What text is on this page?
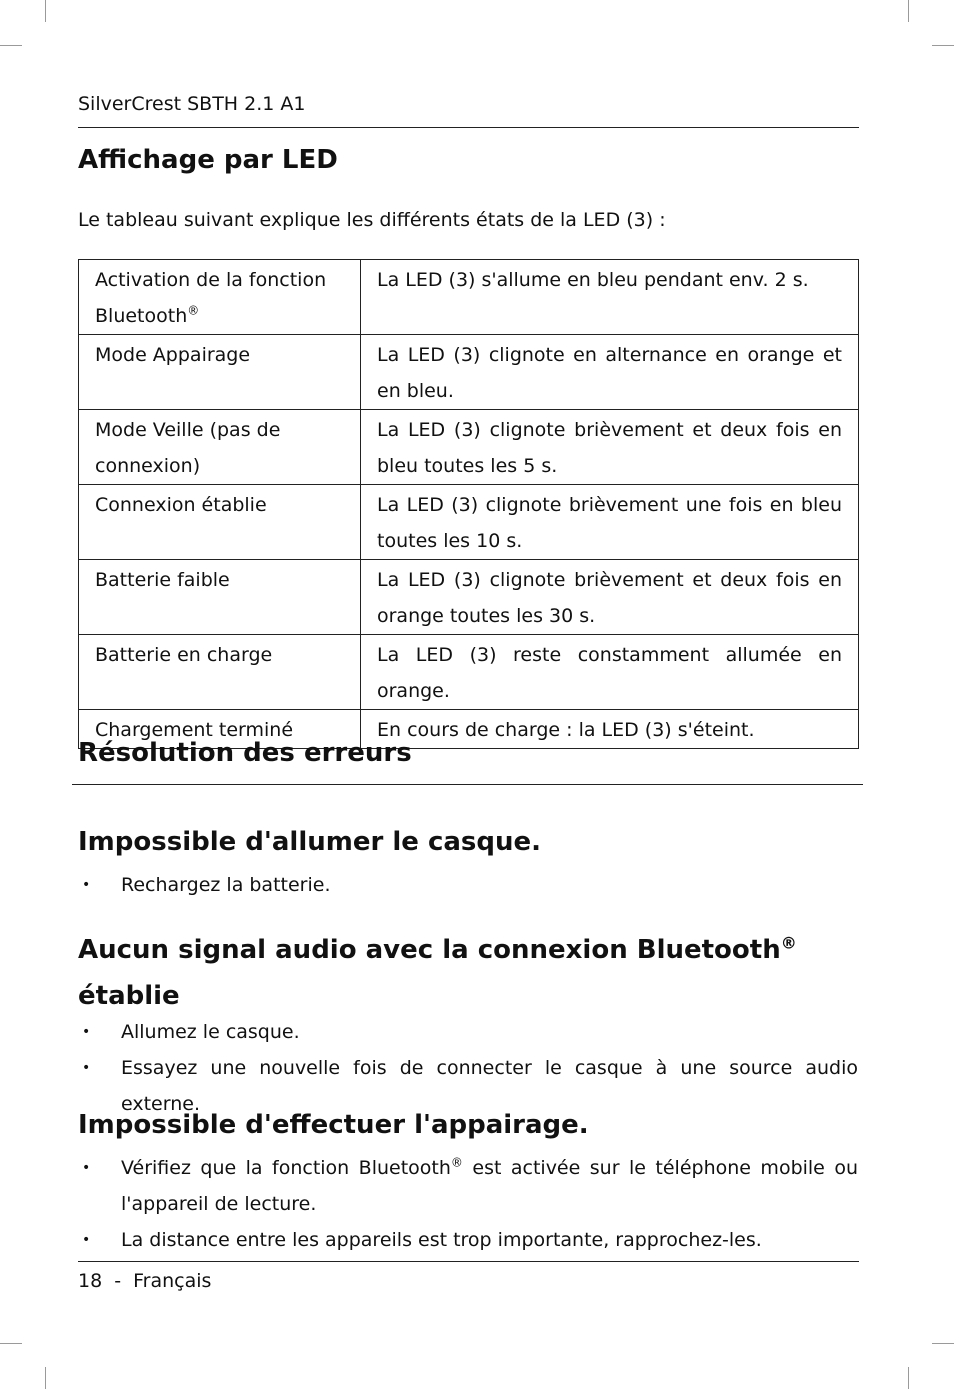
SilverCrest SBTH 2.1 A1
Affichage par LED
Le tableau suivant explique les différents états de la LED (3) :
Activation de la fonction Bluetooth®	La LED (3) s'allume en bleu pendant env. 2 s.
Mode Appairage	La LED (3) clignote en alternance en orange et en bleu.
Mode Veille (pas de connexion)	La LED (3) clignote brièvement et deux fois en bleu toutes les 5 s.
Connexion établie	La LED (3) clignote brièvement une fois en bleu toutes les 10 s.
Batterie faible	La LED (3) clignote brièvement et deux fois en orange toutes les 30 s.
Batterie en charge	La LED (3) reste constamment allumée en orange.
Chargement terminé	En cours de charge : la LED (3) s'éteint.
Résolution des erreurs
Impossible d'allumer le casque.
• Rechargez la batterie.
Aucun signal audio avec la connexion Bluetooth®
établie
• Allumez le casque.
• Essayez une nouvelle fois de connecter le casque à une source audio externe.
Impossible d'effectuer l'appairage.
• Vérifiez que la fonction Bluetooth® est activée sur le téléphone mobile ou l'appareil de lecture.
• La distance entre les appareils est trop importante, rapprochez-les.
18 - Français
